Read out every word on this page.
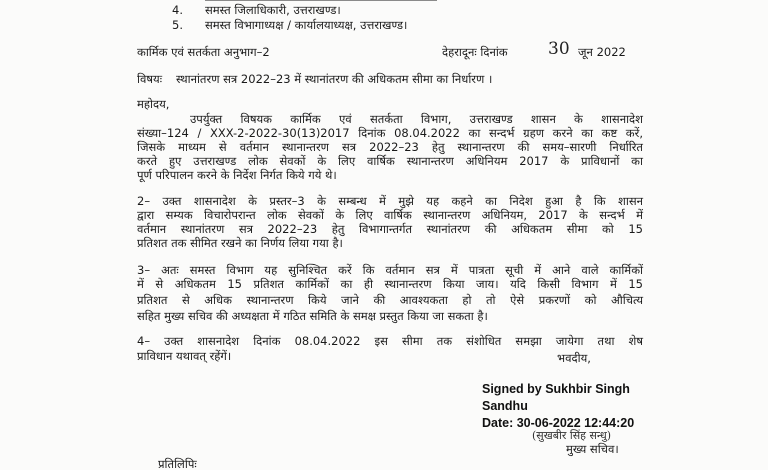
4. समस्त जिलाधिकारी, उत्तराखण्ड।
5. समस्त विभागाध्यक्ष / कार्यालयाध्यक्ष, उत्तराखण्ड।
कार्मिक एवं सतर्कता अनुभाग–2	देहरादूनः दिनांक 30 जून 2022
विषयः स्थानांतरण सत्र 2022–23 में स्थानांतरण की अधिकतम सीमा का निर्धारण ।
महोदय,
उपर्युक्त विषयक कार्मिक एवं सतर्कता विभाग, उत्तराखण्ड शासन के शासनादेश
संख्या–124 / XXX-2-2022-30(13)2017 दिनांक 08.04.2022 का सन्दर्भ ग्रहण करने का कष्ट करें,
जिसके माध्यम से वर्तमान स्थानान्तरण सत्र 2022–23 हेतु स्थानान्तरण की समय–सारणी निर्धारित
करते हुए उत्तराखण्ड लोक सेवकों के लिए वार्षिक स्थानान्तरण अधिनियम 2017 के प्राविधानों का
पूर्ण परिपालन करने के निर्देश निर्गत किये गये थे।
2– उक्त शासनादेश के प्रस्तर–3 के सम्बन्ध में मुझे यह कहने का निदेश हुआ है कि शासन
द्वारा सम्यक विचारोपरान्त लोक सेवकों के लिए वार्षिक स्थानान्तरण अधिनियम, 2017 के सन्दर्भ में
वर्तमान स्थानांतरण सत्र 2022–23 हेतु विभागान्तर्गत स्थानांतरण की अधिकतम सीमा को 15
प्रतिशत तक सीमित रखने का निर्णय लिया गया है।
3– अतः समस्त विभाग यह सुनिश्चित करें कि वर्तमान सत्र में पात्रता सूची में आने वाले कार्मिकों
में से अधिकतम 15 प्रतिशत कार्मिकों का ही स्थानान्तरण किया जाय। यदि किसी विभाग में 15
प्रतिशत से अधिक स्थानान्तरण किये जाने की आवश्यकता हो तो ऐसे प्रकरणों को औचित्य
सहित मुख्य सचिव की अध्यक्षता में गठित समिति के समक्ष प्रस्तुत किया जा सकता है।
4– उक्त शासनादेश दिनांक 08.04.2022 इस सीमा तक संशोधित समझा जायेगा तथा शेष
प्राविधान यथावत् रहेंगें।	भवदीय,
Signed by Sukhbir Singh
Sandhu
Date: 30-06-2022 12:44:20
(सुखबीर सिंह सन्धु)
मुख्य सचिव।
प्रतिलिपिः
